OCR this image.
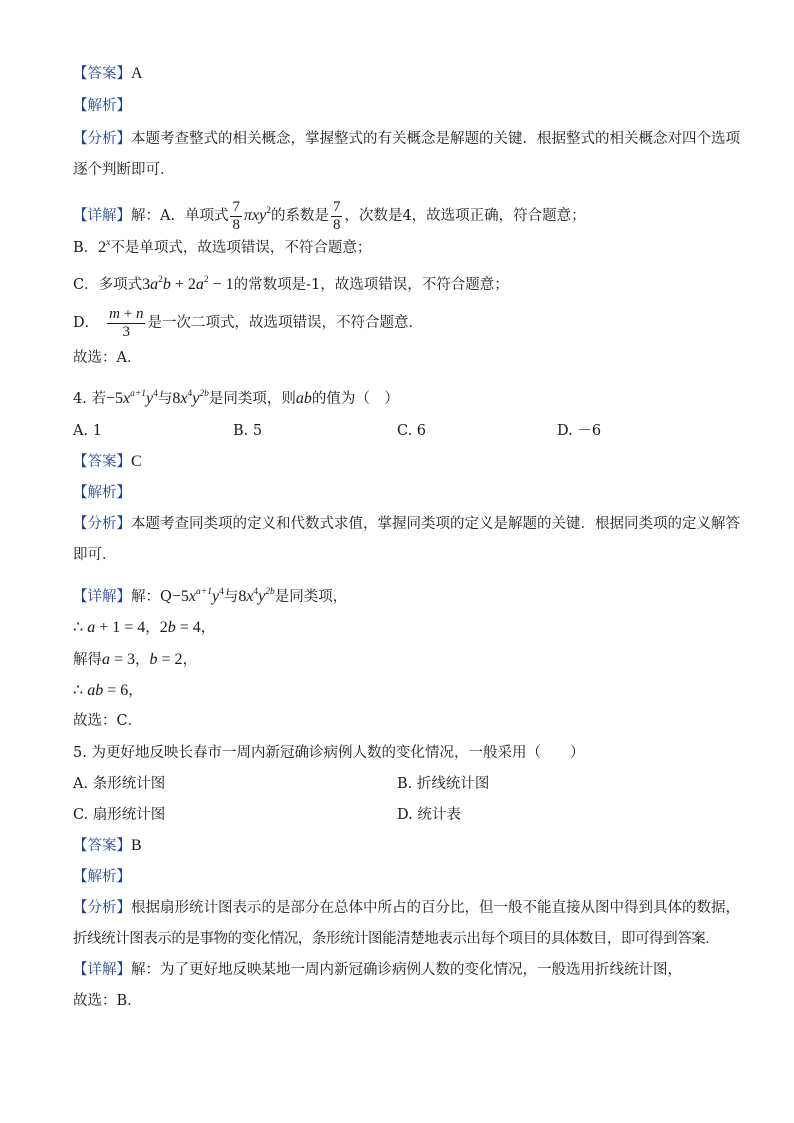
【答案】A
【解析】
【分析】本题考查整式的相关概念，掌握整式的有关概念是解题的关键．根据整式的相关概念对四个选项
逐个判断即可．
【详解】解：A．单项式 $\frac{7}{8} \pi xy^2$的系数是 $\frac{7}{8}$ ，次数是4，故选项正确，符合题意；
B．2$^x$不是单项式，故选项错误，不符合题意；
C．多项式$3a^2b + 2a^2 - 1$的常数项是-1，故选项错误，不符合题意；
D． $\frac{m + n}{3}$ 是一次二项式，故选项错误，不符合题意．
故选：A．
4. 若$-5x^{a+1}y^4$与$8x^4y^{2b}$是同类项，则ab的值为（　）
A. 1	B. 5	C. 6	D. －6
【答案】C
【解析】
【分析】本题考查同类项的定义和代数式求值，掌握同类项的定义是解题的关键．根据同类项的定义解答
即可．
【详解】解：$Q-5x^{a+1}y^4$与$8x^4y^{2b}$是同类项，
∴ a + 1 = 4，2b = 4，
解得a = 3，b = 2，
∴ ab = 6，
故选：C．
5. 为更好地反映长春市一周内新冠确诊病例人数的变化情况，一般采用（　　）
A. 条形统计图	B. 折线统计图
C. 扇形统计图	D. 统计表
【答案】B
【解析】
【分析】根据扇形统计图表示的是部分在总体中所占的百分比，但一般不能直接从图中得到具体的数据，
折线统计图表示的是事物的变化情况，条形统计图能清楚地表示出每个项目的具体数目，即可得到答案．
【详解】解：为了更好地反映某地一周内新冠确诊病例人数的变化情况，一般选用折线统计图，
故选：B．
